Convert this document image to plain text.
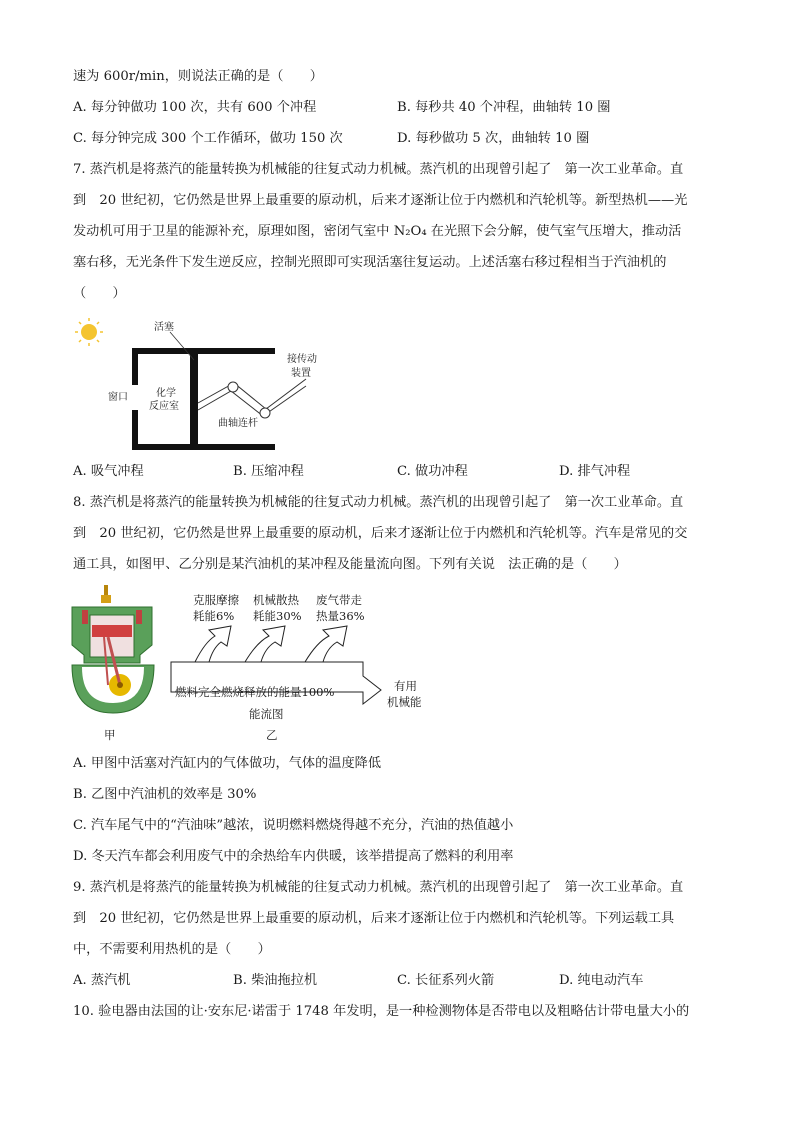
速为 600r/min，则说法正确的是（　　）
A. 每分钟做功 100 次，共有 600 个冲程	B. 每秒共 40 个冲程，曲轴转 10 圈
C. 每分钟完成 300 个工作循环，做功 150 次	D. 每秒做功 5 次，曲轴转 10 圈
7. 蒸汽机是将蒸汽的能量转换为机械能的往复式动力机械。蒸汽机的出现曾引起了　第一次工业革命。直
到　20 世纪初，它仍然是世界上最重要的原动机，后来才逐渐让位于内燃机和汽轮机等。新型热机——光
发动机可用于卫星的能源补充，原理如图，密闭气室中 N₂O₄ 在光照下会分解，使气室气压增大，推动活
塞右移，无光条件下发生逆反应，控制光照即可实现活塞往复运动。上述活塞右移过程相当于汽油机的
（　　）
活塞
窗口	化学
反应室
接传动
装置
曲轴连杆
A. 吸气冲程	B. 压缩冲程	C. 做功冲程	D. 排气冲程
8. 蒸汽机是将蒸汽的能量转换为机械能的往复式动力机械。蒸汽机的出现曾引起了　第一次工业革命。直
到　20 世纪初，它仍然是世界上最重要的原动机，后来才逐渐让位于内燃机和汽轮机等。汽车是常见的交
通工具，如图甲、乙分别是某汽油机的某冲程及能量流向图。下列有关说　法正确的是（　　）
克服摩擦
耗能6%
机械散热
耗能30%
废气带走
热量36%
燃料完全燃烧释放的能量100%	有用
机械能
能流图
甲	乙
A. 甲图中活塞对汽缸内的气体做功，气体的温度降低
B. 乙图中汽油机的效率是 30%
C. 汽车尾气中的“汽油味”越浓，说明燃料燃烧得越不充分，汽油的热值越小
D. 冬天汽车都会利用废气中的余热给车内供暖，该举措提高了燃料的利用率
9. 蒸汽机是将蒸汽的能量转换为机械能的往复式动力机械。蒸汽机的出现曾引起了　第一次工业革命。直
到　20 世纪初，它仍然是世界上最重要的原动机，后来才逐渐让位于内燃机和汽轮机等。下列运载工具
中，不需要利用热机的是（　　）
A. 蒸汽机	B. 柴油拖拉机	C. 长征系列火箭	D. 纯电动汽车
10. 验电器由法国的让·安东尼·诺雷于 1748 年发明，是一种检测物体是否带电以及粗略估计带电量大小的
